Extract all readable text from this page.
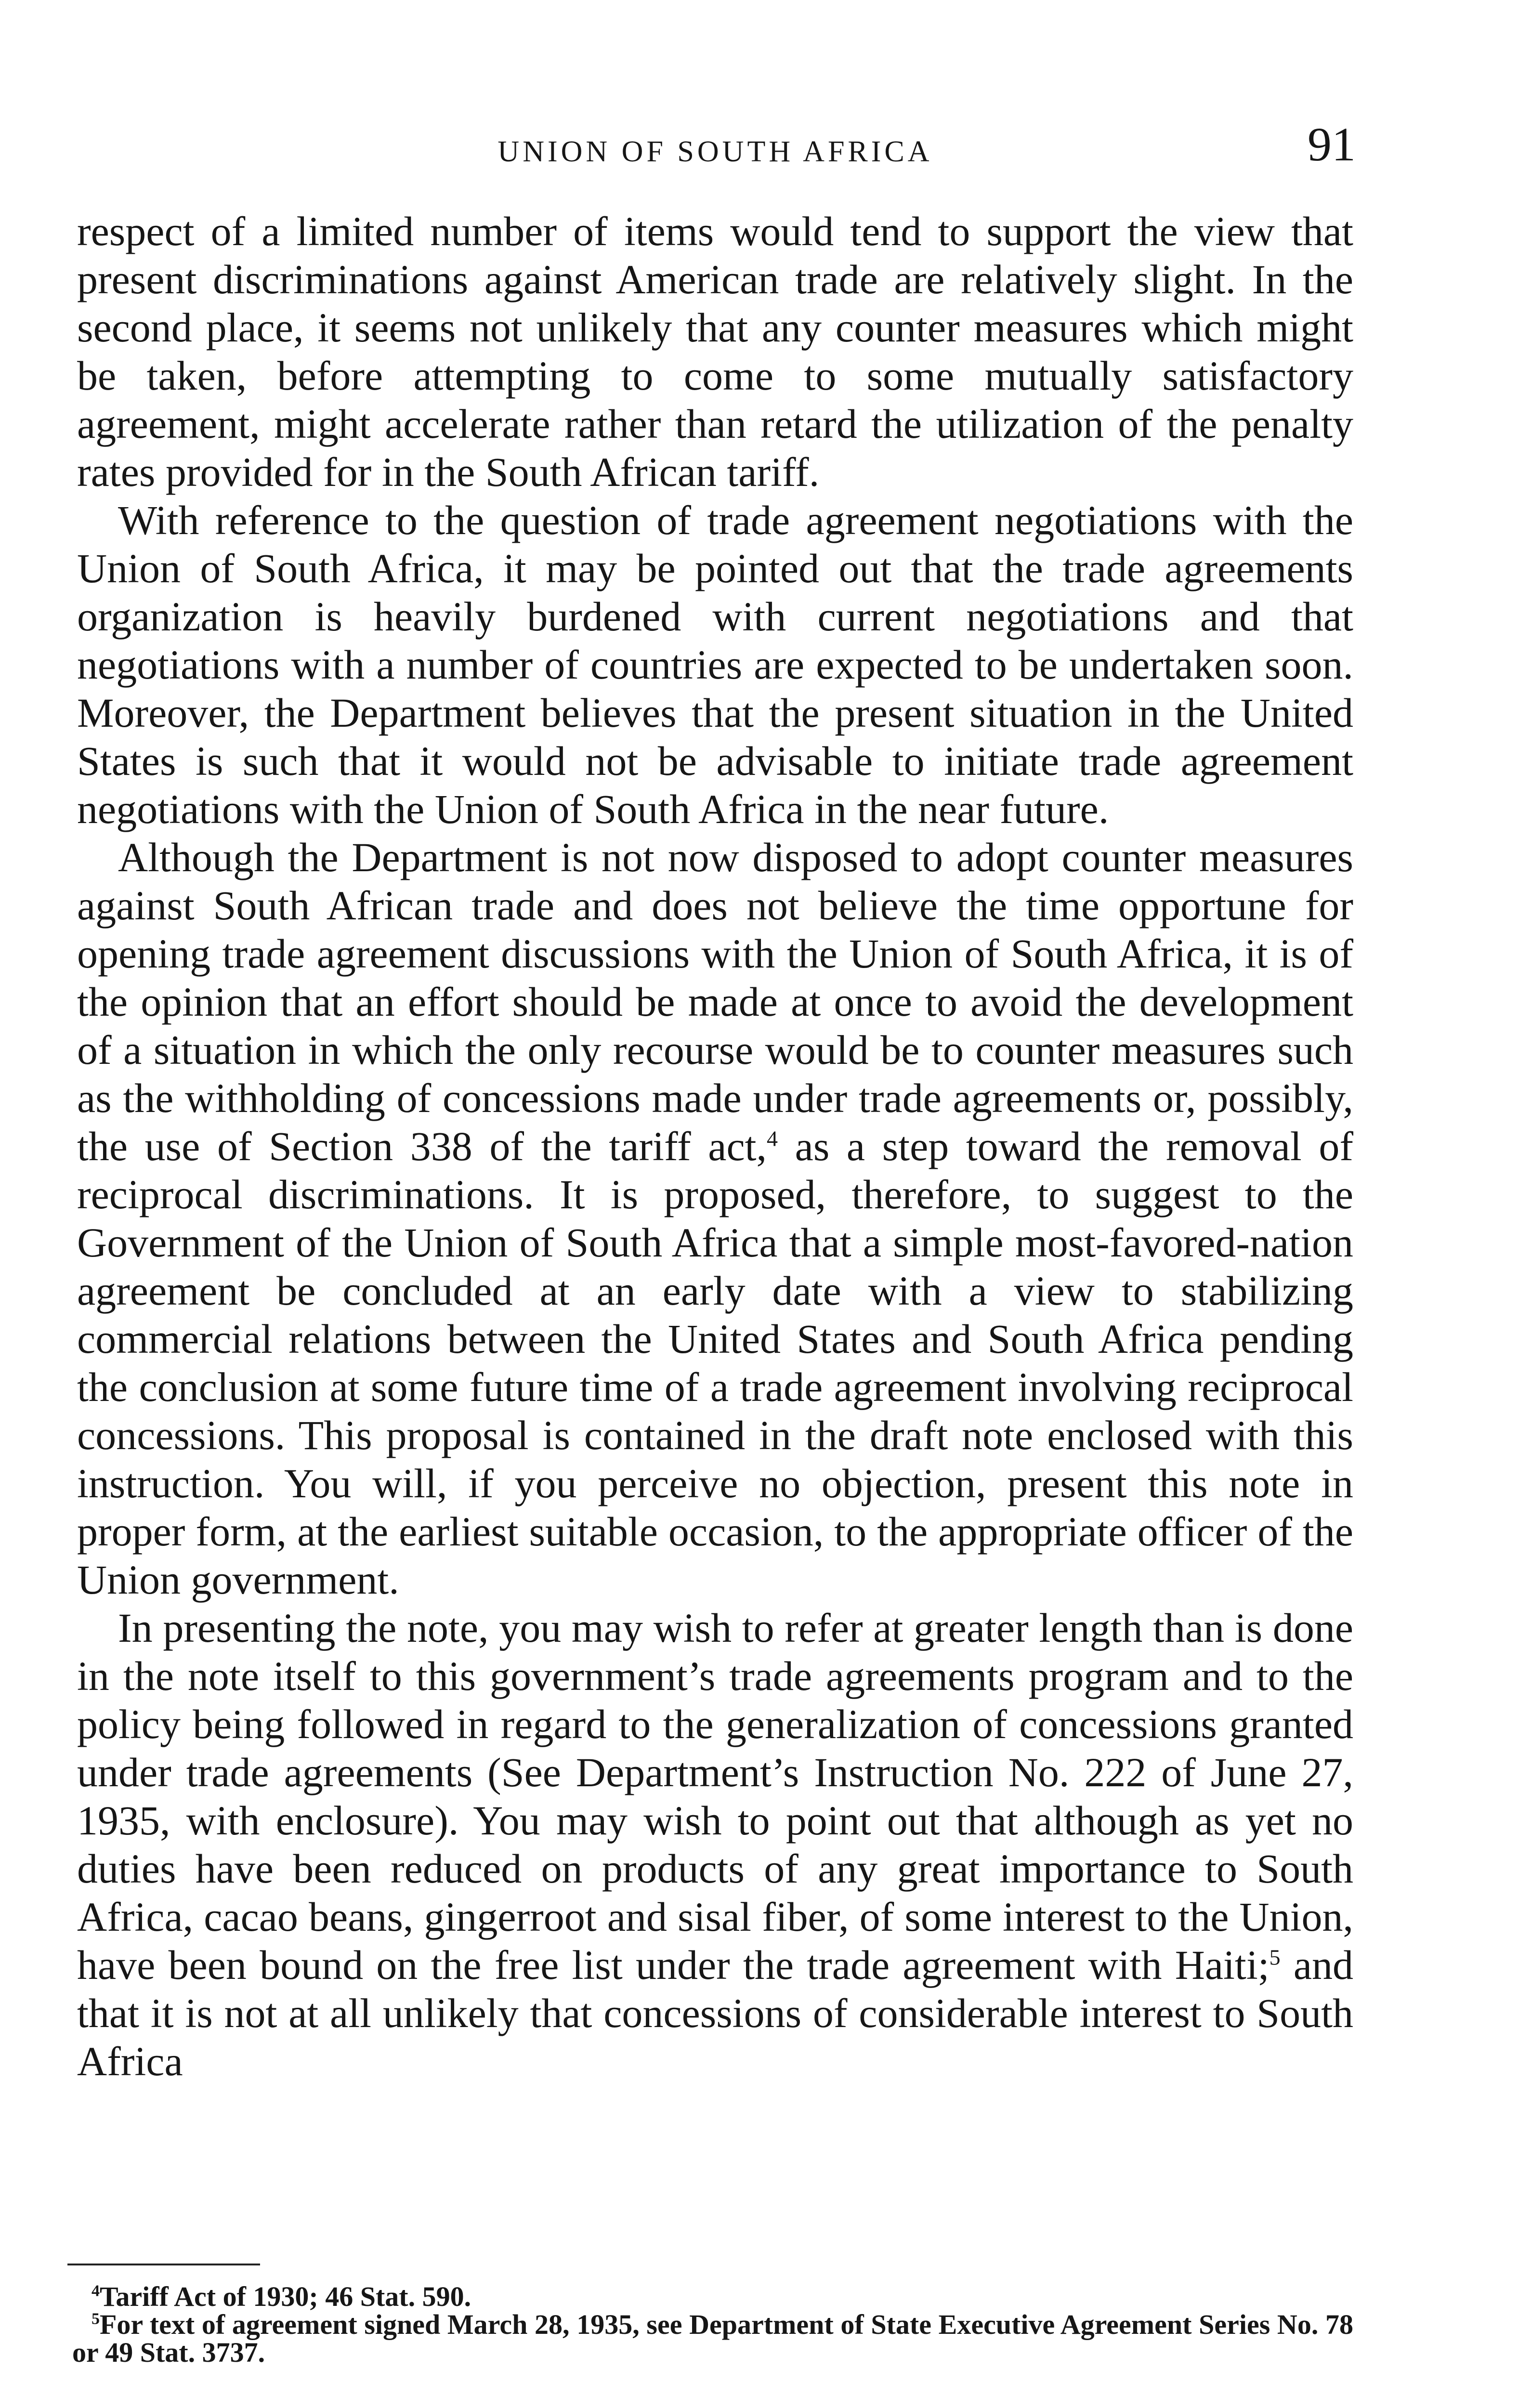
UNION OF SOUTH AFRICA	91

respect of a limited number of items would tend to support the view that present discriminations against American trade are relatively slight. In the second place, it seems not unlikely that any counter measures which might be taken, before attempting to come to some mutually satisfactory agreement, might accelerate rather than retard the utilization of the penalty rates provided for in the South African tariff.

With reference to the question of trade agreement negotiations with the Union of South Africa, it may be pointed out that the trade agreements organization is heavily burdened with current negotiations and that negotiations with a number of countries are expected to be undertaken soon. Moreover, the Department believes that the present situation in the United States is such that it would not be advisable to initiate trade agreement negotiations with the Union of South Africa in the near future.

Although the Department is not now disposed to adopt counter measures against South African trade and does not believe the time opportune for opening trade agreement discussions with the Union of South Africa, it is of the opinion that an effort should be made at once to avoid the development of a situation in which the only recourse would be to counter measures such as the withholding of concessions made under trade agreements or, possibly, the use of Section 338 of the tariff act,$^4$ as a step toward the removal of reciprocal discriminations. It is proposed, therefore, to suggest to the Government of the Union of South Africa that a simple most-favored-nation agreement be concluded at an early date with a view to stabilizing commercial relations between the United States and South Africa pending the conclusion at some future time of a trade agreement involving reciprocal concessions. This proposal is contained in the draft note enclosed with this instruction. You will, if you perceive no objection, present this note in proper form, at the earliest suitable occasion, to the appropriate officer of the Union government.

In presenting the note, you may wish to refer at greater length than is done in the note itself to this government’s trade agreements program and to the policy being followed in regard to the generalization of concessions granted under trade agreements (See Department’s Instruction No. 222 of June 27, 1935, with enclosure). You may wish to point out that although as yet no duties have been reduced on products of any great importance to South Africa, cacao beans, gingerroot and sisal fiber, of some interest to the Union, have been bound on the free list under the trade agreement with Haiti;$^5$ and that it is not at all unlikely that concessions of considerable interest to South Africa

$^4$Tariff Act of 1930; 46 Stat. 590.

$^5$For text of agreement signed March 28, 1935, see Department of State Executive Agreement Series No. 78 or 49 Stat. 3737.
